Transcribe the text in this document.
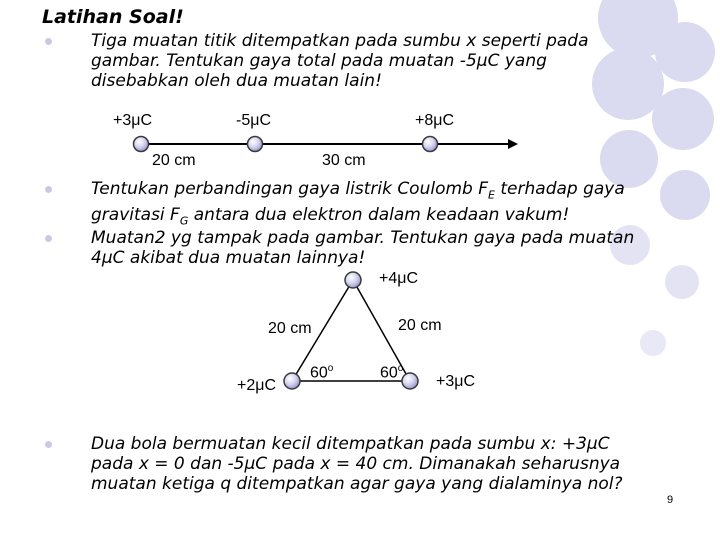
Latihan Soal!
Tiga muatan titik ditempatkan pada sumbu x seperti pada
gambar. Tentukan gaya total pada muatan -5μC yang
disebabkan oleh dua muatan lain!
+3μC	-5μC	+8μC
20 cm	30 cm
Tentukan perbandingan gaya listrik Coulomb $F_E$ terhadap gaya
gravitasi $F_G$ antara dua elektron dalam keadaan vakum!
Muatan2 yg tampak pada gambar. Tentukan gaya pada muatan
4μC akibat dua muatan lainnya!
+4μC
20 cm	20 cm
+2μC	+3μC
60$^o$	60$^o$
Dua bola bermuatan kecil ditempatkan pada sumbu x: +3μC
pada x = 0 dan -5μC pada x = 40 cm. Dimanakah seharusnya
muatan ketiga q ditempatkan agar gaya yang dialaminya nol?
9
